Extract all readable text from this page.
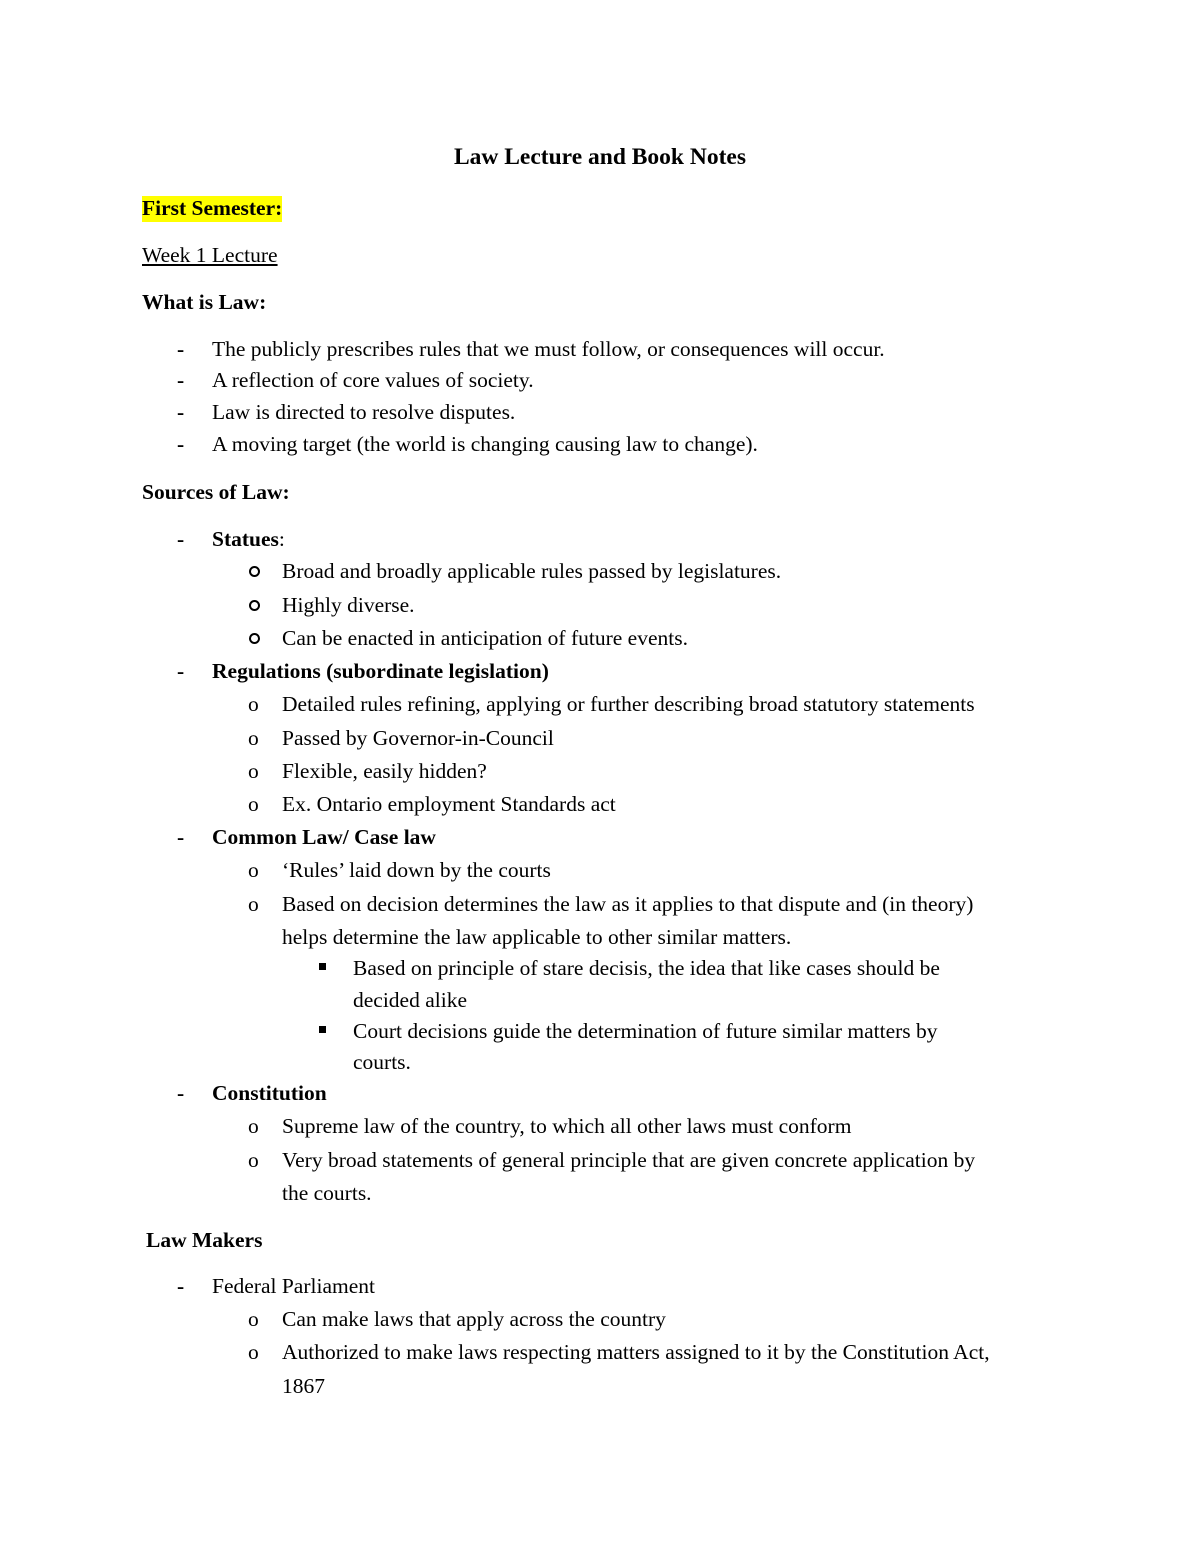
Law Lecture and Book Notes
First Semester:
Week 1 Lecture
What is Law:
- The publicly prescribes rules that we must follow, or consequences will occur.
- A reflection of core values of society.
- Law is directed to resolve disputes.
- A moving target (the world is changing causing law to change).
Sources of Law:
- Statues:
Broad and broadly applicable rules passed by legislatures.
Highly diverse.
Can be enacted in anticipation of future events.
- Regulations (subordinate legislation)
o Detailed rules refining, applying or further describing broad statutory statements
o Passed by Governor-in-Council
o Flexible, easily hidden?
o Ex. Ontario employment Standards act
- Common Law/ Case law
o ‘Rules’ laid down by the courts
o Based on decision determines the law as it applies to that dispute and (in theory)
helps determine the law applicable to other similar matters.
Based on principle of stare decisis, the idea that like cases should be
decided alike
Court decisions guide the determination of future similar matters by
courts.
- Constitution
o Supreme law of the country, to which all other laws must conform
o Very broad statements of general principle that are given concrete application by
the courts.
Law Makers
- Federal Parliament
o Can make laws that apply across the country
o Authorized to make laws respecting matters assigned to it by the Constitution Act,
1867
